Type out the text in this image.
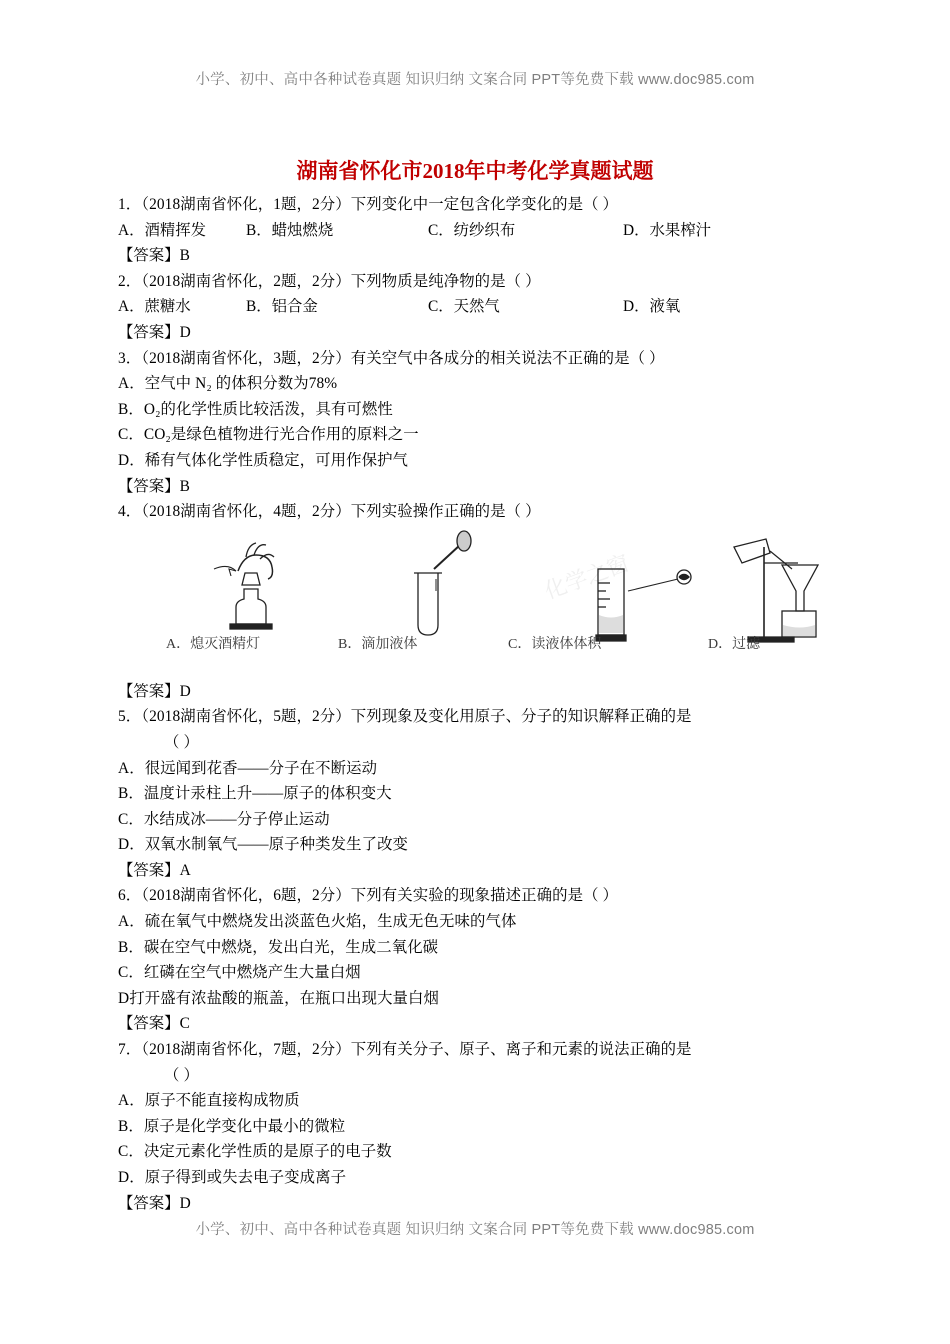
小学、初中、高中各种试卷真题 知识归纳 文案合同 PPT等免费下载 www.doc985.com
湖南省怀化市2018年中考化学真题试题
1．（2018湖南省怀化，1题，2分）下列变化中一定包含化学变化的是（ ）
A．酒精挥发	B．蜡烛燃烧	C．纺纱织布	D．水果榨汁
【答案】B
2．（2018湖南省怀化，2题，2分）下列物质是纯净物的是（ ）
A．蔗糖水	B．铝合金	C．天然气	D．液氧
【答案】D
3．（2018湖南省怀化，3题，2分）有关空气中各成分的相关说法不正确的是（ ）
A．空气中 N₂ 的体积分数为78%
B．O₂的化学性质比较活泼，具有可燃性
C．CO₂是绿色植物进行光合作用的原料之一
D．稀有气体化学性质稳定，可用作保护气
【答案】B
4．（2018湖南省怀化，4题，2分）下列实验操作正确的是（ ）
化学之窗
A．熄灭酒精灯	B．滴加液体	C．读液体体积	D．过滤
【答案】D
5．（2018湖南省怀化，5题，2分）下列现象及变化用原子、分子的知识解释正确的是
（ ）
A．很远闻到花香——分子在不断运动
B．温度计汞柱上升——原子的体积变大
C．水结成冰——分子停止运动
D．双氧水制氧气——原子种类发生了改变
【答案】A
6．（2018湖南省怀化，6题，2分）下列有关实验的现象描述正确的是（ ）
A．硫在氧气中燃烧发出淡蓝色火焰，生成无色无味的气体
B．碳在空气中燃烧，发出白光，生成二氧化碳
C．红磷在空气中燃烧产生大量白烟
D打开盛有浓盐酸的瓶盖，在瓶口出现大量白烟
【答案】C
7．（2018湖南省怀化，7题，2分）下列有关分子、原子、离子和元素的说法正确的是
（ ）
A．原子不能直接构成物质
B．原子是化学变化中最小的微粒
C．决定元素化学性质的是原子的电子数
D．原子得到或失去电子变成离子
【答案】D
小学、初中、高中各种试卷真题 知识归纳 文案合同 PPT等免费下载 www.doc985.com
